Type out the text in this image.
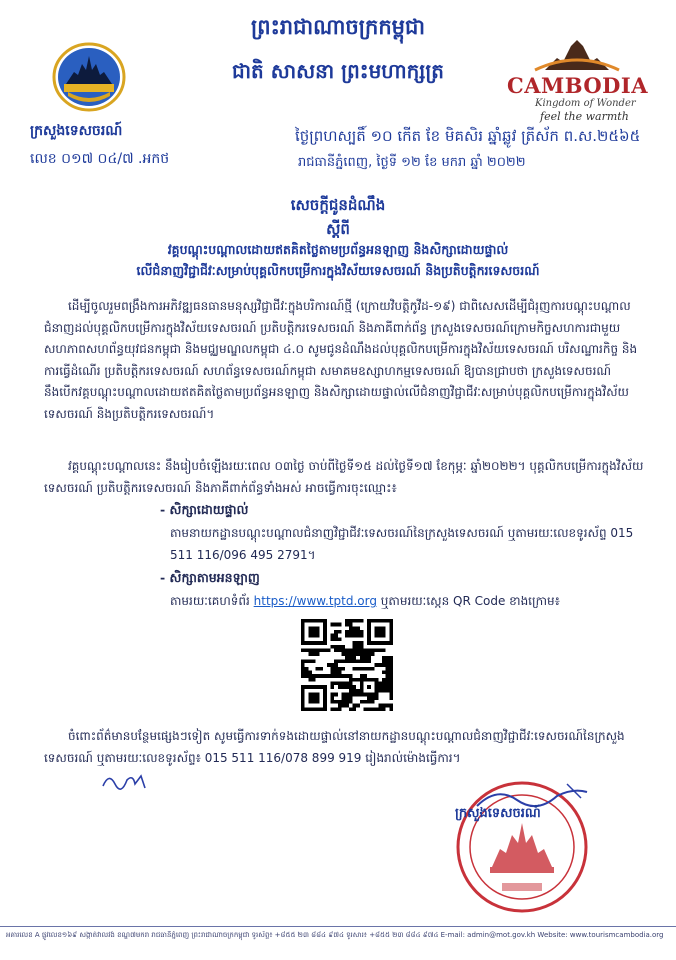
ព្រះរាជាណាចក្រកម្ពុជា
ជាតិ សាសនា ព្រះមហាក្សត្រ
ក្រសួងទេសចរណ៍
លេខ ០១៧ ០៤/៧ .អកថ
CAMBODIA
Kingdom of Wonder
feel the warmth
ថ្ងៃព្រហស្បតិ៍ ១០ កើត ខែ មិគសិរ ឆ្នាំឆ្លូវ ត្រីស័ក ព.ស.២៥៦៥
រាជធានីភ្នំពេញ, ថ្ងៃទី ១២ ខែ មករា ឆ្នាំ ២០២២
សេចក្តីជូនដំណឹង
ស្តីពី
វគ្គបណ្តុះបណ្តាលដោយឥតគិតថ្លៃតាមប្រព័ន្ធអនឡាញ និងសិក្សាដោយផ្ទាល់
លើជំនាញវិជ្ជាជីវៈសម្រាប់បុគ្គលិកបម្រើការក្នុងវិស័យទេសចរណ៍ និងប្រតិបត្តិករទេសចរណ៍
ដើម្បីចូលរួមពង្រឹងការអភិវឌ្ឍធនធានមនុស្សវិជ្ជាជីវៈក្នុងបរិការណ៍ថ្មី (ក្រោយវិបត្តិកូវីដ-១៩) ជាពិសេសដើម្បីជំរុញការបណ្តុះបណ្តាលជំនាញដល់បុគ្គលិកបម្រើការក្នុងវិស័យទេសចរណ៍ ប្រតិបត្តិករទេសចរណ៍ និងភាគីពាក់ព័ន្ធ ក្រសួងទេសចរណ៍ក្រោមកិច្ចសហការជាមួយសហភាពសហព័ន្ធយុវជនកម្ពុជា និងមជ្ឈមណ្ឌលកម្ពុជា ៤.០ សូមជូនដំណឹងដល់បុគ្គលិកបម្រើការក្នុងវិស័យទេសចរណ៍ បរិសណ្ឋារកិច្ច និងការធ្វើដំណើរ ប្រតិបត្តិករទេសចរណ៍ សហព័ន្ធទេសចរណ៍កម្ពុជា សមាគមឧស្សាហកម្មទេសចរណ៍ ឱ្យបានជ្រាបថា ក្រសួងទេសចរណ៍នឹងបើកវគ្គបណ្តុះបណ្តាលដោយឥតគិតថ្លៃតាមប្រព័ន្ធអនឡាញ និងសិក្សាដោយផ្ទាល់លើជំនាញវិជ្ជាជីវៈសម្រាប់បុគ្គលិកបម្រើការក្នុងវិស័យទេសចរណ៍ និងប្រតិបត្តិករទេសចរណ៍។
វគ្គបណ្តុះបណ្តាលនេះ នឹងរៀបចំឡើងរយៈពេល ០៣ថ្ងៃ ចាប់ពីថ្ងៃទី១៥ ដល់ថ្ងៃទី១៧ ខែកុម្ភៈ ឆ្នាំ២០២២។ បុគ្គលិកបម្រើការក្នុងវិស័យទេសចរណ៍ ប្រតិបត្តិករទេសចរណ៍ និងភាគីពាក់ព័ន្ធទាំងអស់ អាចធ្វើការចុះឈ្មោះ៖
- សិក្សាដោយផ្ទាល់
តាមនាយកដ្ឋានបណ្តុះបណ្តាលជំនាញវិជ្ជាជីវៈទេសចរណ៍នៃក្រសួងទេសចរណ៍ ឬតាមរយៈលេខទូរស័ព្ទ 015 511 116/096 495 2791។
- សិក្សាតាមអនឡាញ
តាមរយៈគេហទំព័រ https://www.tptd.org ឬតាមរយៈស្កេន QR Code ខាងក្រោម៖
ចំពោះព័ត៌មានបន្ថែមផ្សេងៗទៀត សូមធ្វើការទាក់ទងដោយផ្ទាល់នៅនាយកដ្ឋានបណ្តុះបណ្តាលជំនាញវិជ្ជាជីវៈទេសចរណ៍នៃក្រសួងទេសចរណ៍ ឬតាមរយៈលេខទូរស័ព្ទ៖ 015 511 116/078 899 919 រៀងរាល់ម៉ោងធ្វើការ។
ក្រសួងទេសចរណ៍
អគារលេខ A ផ្លូវលេខ១៦៩ សង្កាត់វាលវង់ ខណ្ឌ៧មករា រាជធានីភ្នំពេញ ព្រះរាជាណាចក្រកម្ពុជា ទូរស័ព្ទ៖ +៨៥៥ ២៣ ៨៨៤ ៩៧៤ ទូរសារ៖ +៨៥៥ ២៣ ៨៨៤ ៩៧៤ E-mail: admin@mot.gov.kh Website: www.tourismcambodia.org
